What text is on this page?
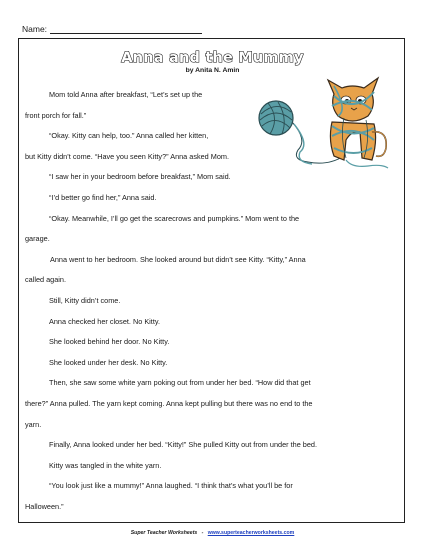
Name:
Anna and the Mummy
by Anita N. Amin

Mom told Anna after breakfast, “Let’s set up the

front porch for fall.”

“Okay. Kitty can help, too.” Anna called her kitten,

but Kitty didn’t come. “Have you seen Kitty?” Anna asked Mom.

“I saw her in your bedroom before breakfast,” Mom said.

“I’d better go find her,” Anna said.

“Okay. Meanwhile, I’ll go get the scarecrows and pumpkins.” Mom went to the

garage.

Anna went to her bedroom. She looked around but didn’t see Kitty. “Kitty,” Anna

called again.

Still, Kitty didn’t come.

Anna checked her closet. No Kitty.

She looked behind her door. No Kitty.

She looked under her desk. No Kitty.

Then, she saw some white yarn poking out from under her bed. “How did that get

there?” Anna pulled. The yarn kept coming. Anna kept pulling but there was no end to the

yarn.

Finally, Anna looked under her bed. “Kitty!” She pulled Kitty out from under the bed.

Kitty was tangled in the white yarn.

“You look just like a mummy!” Anna laughed. “I think that’s what you’ll be for

Halloween.”

Super Teacher Worksheets - www.superteacherworksheets.com
